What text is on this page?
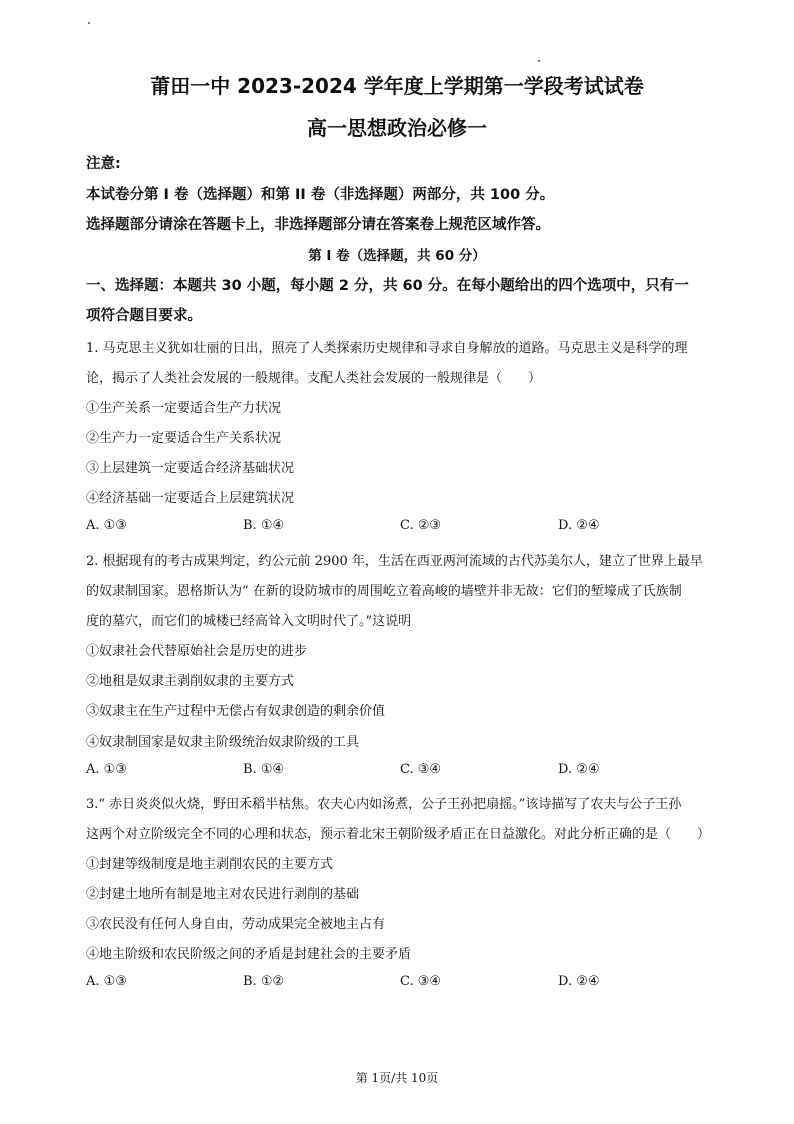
莆田一中 2023-2024 学年度上学期第一学段考试试卷
高一思想政治必修一
注意:
本试卷分第 I 卷（选择题）和第 II 卷（非选择题）两部分，共 100 分。
选择题部分请涂在答题卡上，非选择题部分请在答案卷上规范区域作答。
第 I 卷（选择题，共 60 分）
一、选择题：本题共 30 小题，每小题 2 分，共 60 分。在每小题给出的四个选项中，只有一
项符合题目要求。
1. 马克思主义犹如壮丽的日出，照亮了人类探索历史规律和寻求自身解放的道路。马克思主义是科学的理
论，揭示了人类社会发展的一般规律。支配人类社会发展的一般规律是（　　）
①生产关系一定要适合生产力状况
②生产力一定要适合生产关系状况
③上层建筑一定要适合经济基础状况
④经济基础一定要适合上层建筑状况
A. ①③	B. ①④	C. ②③	D. ②④
2. 根据现有的考古成果判定，约公元前 2900 年，生活在西亚两河流域的古代苏美尔人，建立了世界上最早
的奴隶制国家。恩格斯认为“ 在新的设防城市的周围屹立着高峻的墙壁并非无故：它们的堑壕成了氏族制
度的墓穴，而它们的城楼已经高耸入文明时代了。”这说明
①奴隶社会代替原始社会是历史的进步
②地租是奴隶主剥削奴隶的主要方式
③奴隶主在生产过程中无偿占有奴隶创造的剩余价值
④奴隶制国家是奴隶主阶级统治奴隶阶级的工具
A. ①③	B. ①④	C. ③④	D. ②④
3.“ 赤日炎炎似火烧，野田禾稻半枯焦。农夫心内如汤煮，公子王孙把扇摇。”该诗描写了农夫与公子王孙
这两个对立阶级完全不同的心理和状态，预示着北宋王朝阶级矛盾正在日益激化。对此分析正确的是（　　）
①封建等级制度是地主剥削农民的主要方式
②封建土地所有制是地主对农民进行剥削的基础
③农民没有任何人身自由，劳动成果完全被地主占有
④地主阶级和农民阶级之间的矛盾是封建社会的主要矛盾
A. ①③	B. ①②	C. ③④	D. ②④
第 1页/共 10页
